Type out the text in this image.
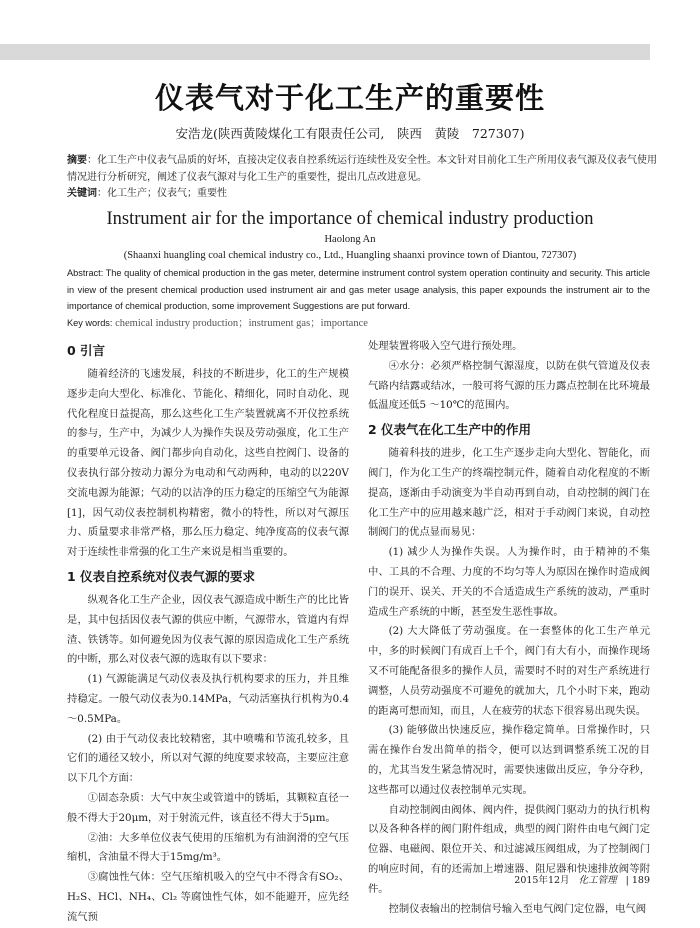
仪表气对于化工生产的重要性
安浩龙(陕西黄陵煤化工有限责任公司,　陕西　黄陵　727307)
摘要：化工生产中仪表气品质的好坏，直接决定仪表自控系统运行连续性及安全性。本文针对目前化工生产所用仪表气源及仪表气使用情况进行分析研究，阐述了仪表气源对与化工生产的重要性，提出几点改进意见。
关键词：化工生产；仪表气；重要性
Instrument air for the importance of chemical industry production
Haolong An
(Shaanxi huangling coal chemical industry co., Ltd., Huangling shaanxi province town of Diantou, 727307)
Abstract: The quality of chemical production in the gas meter, determine instrument control system operation continuity and security. This article in view of the present chemical production used instrument air and gas meter usage analysis, this paper expounds the instrument air to the importance of chemical production, some improvement Suggestions are put forward.
Key words: chemical industry production；instrument gas；importance
0 引言

随着经济的飞速发展，科技的不断进步，化工的生产规模逐步走向大型化、标准化、节能化、精细化，同时自动化、现代化程度日益提高，那么这些化工生产装置就离不开仪控系统的参与，生产中，为减少人为操作失误及劳动强度，化工生产的重要单元设备、阀门都步向自动化，这些自控阀门、设备的仪表执行部分按动力源分为电动和气动两种，电动的以220V 交流电源为能源；气动的以洁净的压力稳定的压缩空气为能源[1]，因气动仪表控制机构精密，微小的特性，所以对气源压力、质量要求非常严格，那么压力稳定、纯净度高的仪表气源对于连续性非常强的化工生产来说是相当重要的。

1 仪表自控系统对仪表气源的要求

纵观各化工生产企业，因仪表气源造成中断生产的比比皆是，其中包括因仪表气源的供应中断，气源带水，管道内有焊渣、铁锈等。如何避免因为仪表气源的原因造成化工生产系统的中断，那么对仪表气源的选取有以下要求：

(1) 气源能满足气动仪表及执行机构要求的压力，并且维持稳定。一般气动仪表为0.14MPa，气动活塞执行机构为0.4 ～0.5MPa。

(2) 由于气动仪表比较精密，其中喷嘴和节流孔较多，且它们的通径又较小，所以对气源的纯度要求较高，主要应注意以下几个方面：

①固态杂质：大气中灰尘或管道中的锈垢，其颗粒直径一般不得大于20μm，对于射流元件，该直径不得大于5μm。

②油：大多单位仪表气使用的压缩机为有油润滑的空气压缩机，含油量不得大于15mg/m³。

③腐蚀性气体：空气压缩机吸入的空气中不得含有SO₂、H₂S、HCl、NH₄、Cl₂ 等腐蚀性气体，如不能避开，应先经流气预

处理装置将吸入空气进行预处理。

④水分：必须严格控制气源湿度，以防在供气管道及仪表气路内结露或结冰，一般可将气源的压力露点控制在比环境最低温度还低5 ～10℃的范围内。

2 仪表气在化工生产中的作用

随着科技的进步，化工生产逐步走向大型化、智能化，而阀门，作为化工生产的终端控制元件，随着自动化程度的不断提高，逐渐由手动演变为半自动再到自动，自动控制的阀门在化工生产中的应用越来越广泛，相对于手动阀门来说，自动控制阀门的优点显而易见：

(1) 减少人为操作失误。人为操作时，由于精神的不集中、工具的不合理、力度的不均匀等人为原因在操作时造成阀门的误开、误关、开关的不合适造成生产系统的波动，严重时造成生产系统的中断，甚至发生恶性事故。

(2) 大大降低了劳动强度。在一套整体的化工生产单元中，多的时候阀门有成百上千个，阀门有大有小，而操作现场又不可能配备很多的操作人员，需要时不时的对生产系统进行调整，人员劳动强度不可避免的就加大，几个小时下来，跑动的距离可想而知，而且，人在疲劳的状态下很容易出现失误。

(3) 能够做出快速反应，操作稳定简单。日常操作时，只需在操作台发出简单的指令，便可以达到调整系统工况的目的，尤其当发生紧急情况时，需要快速做出反应，争分夺秒，这些都可以通过仪表控制单元实现。

自动控制阀由阀体、阀内件，提供阀门驱动力的执行机构以及各种各样的阀门附件组成，典型的阀门附件由电气阀门定位器、电磁阀、限位开关、和过滤减压阀组成，为了控制阀门的响应时间，有的还需加上增速器、阻尼器和快速排放阀等附件。

控制仪表输出的控制信号输入至电气阀门定位器，电气阀

2015年12月 化工管理 | 189
